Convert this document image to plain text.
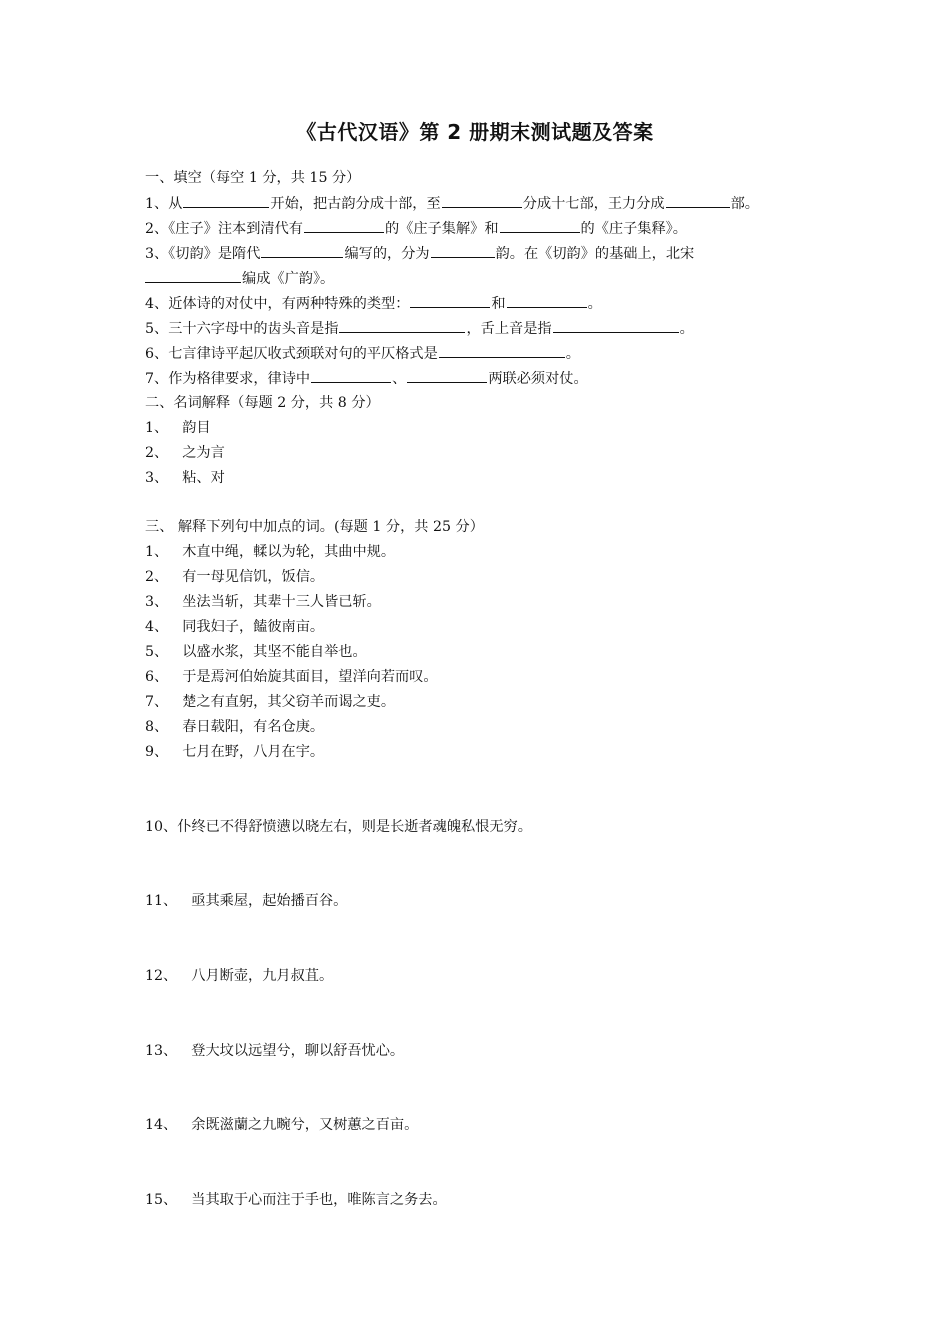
《古代汉语》第 2 册期末测试题及答案
一、填空（每空 1 分，共 15 分）
1、从	开始，把古韵分成十部，至	分成十七部，王力分成	部。
2、《庄子》注本到清代有	的《庄子集解》和	的《庄子集释》。
3、《切韵》是隋代	编写的，分为	韵。在《切韵》的基础上，北宋
编成《广韵》。
4、近体诗的对仗中，有两种特殊的类型：	和	。
5、三十六字母中的齿头音是指	，舌上音是指	。
6、七言律诗平起仄收式颈联对句的平仄格式是	。
7、作为格律要求，律诗中	、	两联必须对仗。
二、名词解释（每题 2 分，共 8 分）
1、 韵目
2、 之为言
3、 粘、对
三、 解释下列句中加点的词。(每题 1 分，共 25 分）
1、 木直中绳，輮以为轮，其曲中规。
2、 有一母见信饥，饭信。
3、 坐法当斩，其辈十三人皆已斩。
4、 同我妇子，饁彼南亩。
5、 以盛水浆，其坚不能自举也。
6、 于是焉河伯始旋其面目，望洋向若而叹。
7、 楚之有直躬，其父窃羊而谒之吏。
8、 春日载阳，有名仓庚。
9、 七月在野，八月在宇。
10、仆终已不得舒愤懑以晓左右，则是长逝者魂魄私恨无穷。
11、 亟其乘屋，起始播百谷。
12、 八月断壶，九月叔苴。
13、 登大坟以远望兮，聊以舒吾忧心。
14、 余既滋蘭之九畹兮，又树蕙之百亩。
15、 当其取于心而注于手也，唯陈言之务去。
